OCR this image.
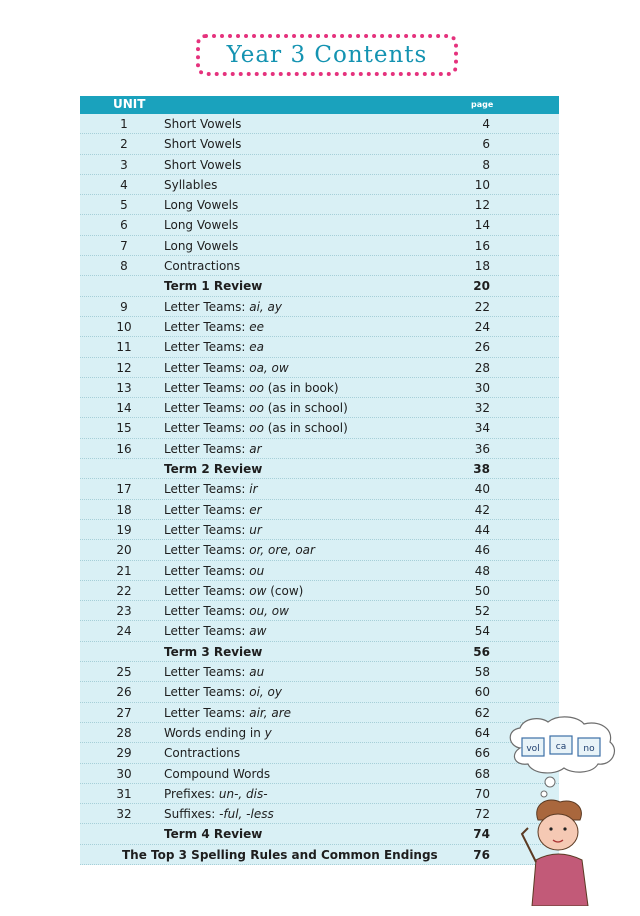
Year 3 Contents
UNIT	page
1	Short Vowels	4
2	Short Vowels	6
3	Short Vowels	8
4	Syllables	10
5	Long Vowels	12
6	Long Vowels	14
7	Long Vowels	16
8	Contractions	18
Term 1 Review	20
9	Letter Teams: ai, ay	22
10	Letter Teams: ee	24
11	Letter Teams: ea	26
12	Letter Teams: oa, ow	28
13	Letter Teams: oo (as in book)	30
14	Letter Teams: oo (as in school)	32
15	Letter Teams: oo (as in school)	34
16	Letter Teams: ar	36
Term 2 Review	38
17	Letter Teams: ir	40
18	Letter Teams: er	42
19	Letter Teams: ur	44
20	Letter Teams: or, ore, oar	46
21	Letter Teams: ou	48
22	Letter Teams: ow (cow)	50
23	Letter Teams: ou, ow	52
24	Letter Teams: aw	54
Term 3 Review	56
25	Letter Teams: au	58
26	Letter Teams: oi, oy	60
27	Letter Teams: air, are	62
28	Words ending in y	64
29	Contractions	66
30	Compound Words	68
31	Prefixes: un-, dis-	70
32	Suffixes: -ful, -less	72
Term 4 Review	74
The Top 3 Spelling Rules and Common Endings	76
vol ca no
